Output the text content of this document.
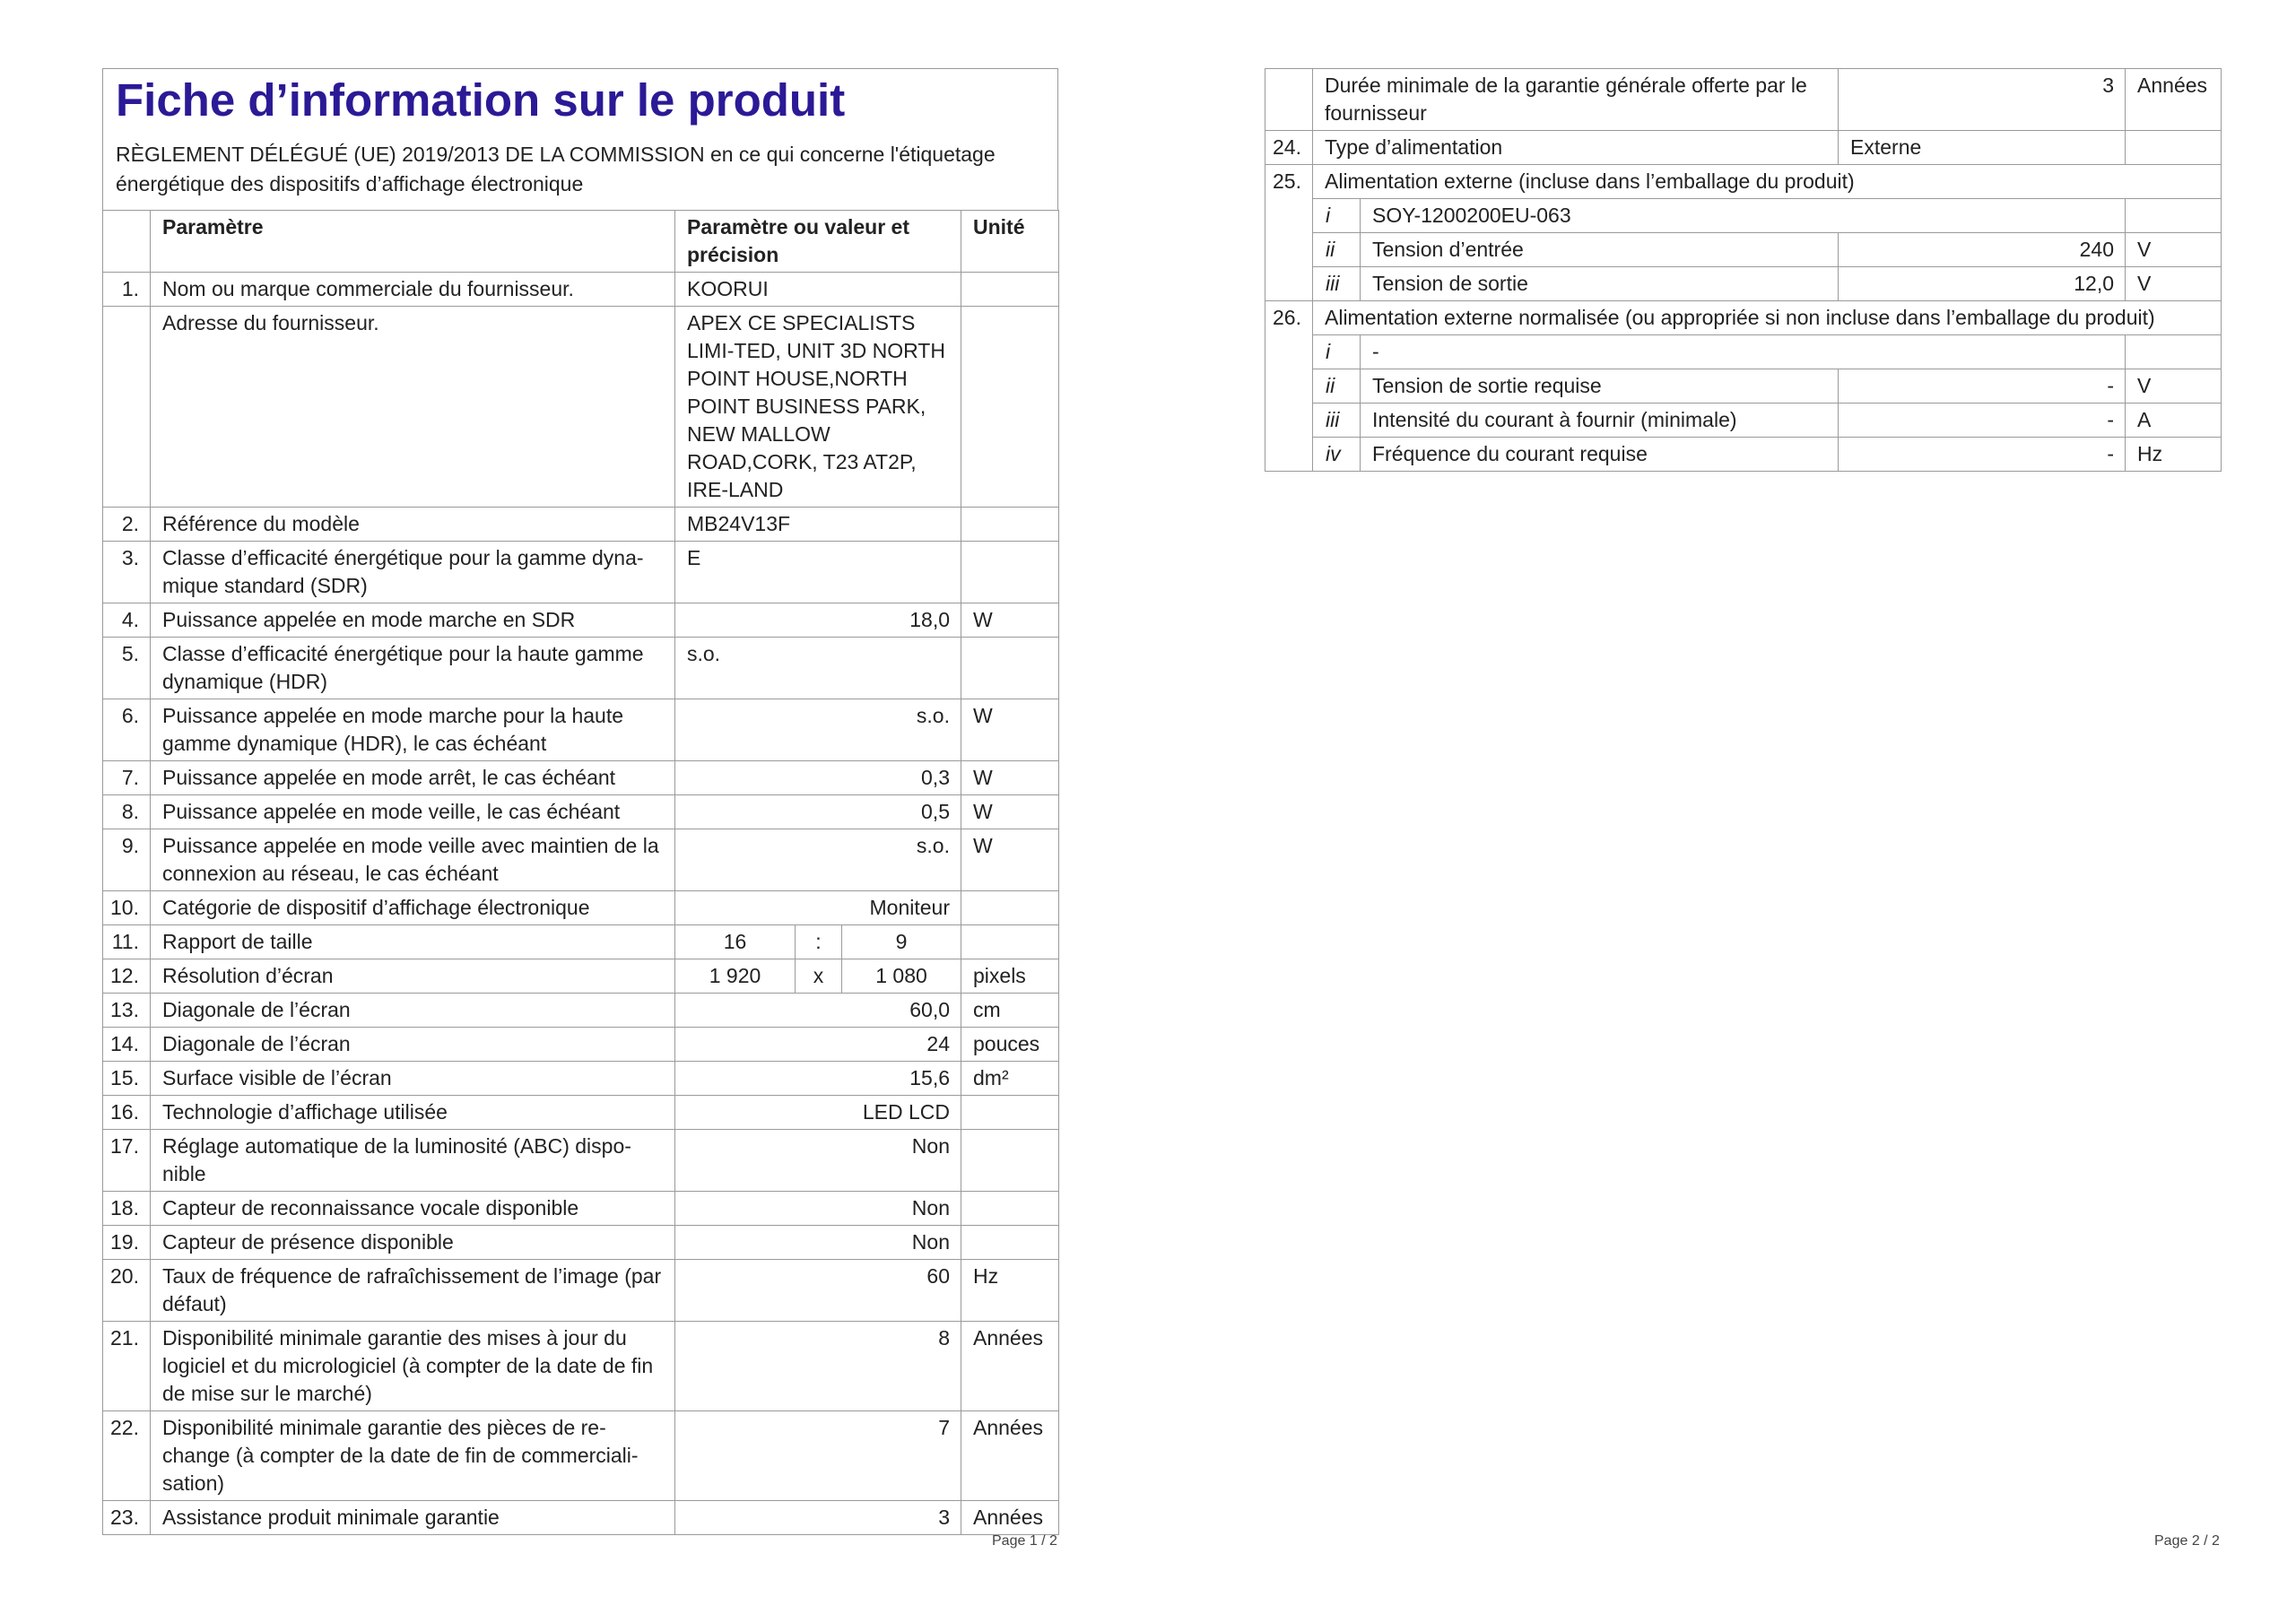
Fiche d’information sur le produit
RÈGLEMENT DÉLÉGUÉ (UE) 2019/2013 DE LA COMMISSION en ce qui concerne l'étiquetage énergétique des dispositifs d’affichage électronique
	Paramètre	Paramètre ou valeur et précision			Unité
1.	Nom ou marque commerciale du fournisseur.	KOORUI			
	Adresse du fournisseur.	APEX CE SPECIALISTS LIMI-TED, UNIT 3D NORTH POINT HOUSE,NORTH POINT BUSINESS PARK, NEW MALLOW ROAD,CORK, T23 AT2P, IRE-LAND			
2.	Référence du modèle	MB24V13F			
3.	Classe d’efficacité énergétique pour la gamme dyna-mique standard (SDR)	E			
4.	Puissance appelée en mode marche en SDR	18,0			W
5.	Classe d’efficacité énergétique pour la haute gamme dynamique (HDR)	s.o.			
6.	Puissance appelée en mode marche pour la haute gamme dynamique (HDR), le cas échéant	s.o.			W
7.	Puissance appelée en mode arrêt, le cas échéant	0,3			W
8.	Puissance appelée en mode veille, le cas échéant	0,5			W
9.	Puissance appelée en mode veille avec maintien de la connexion au réseau, le cas échéant	s.o.			W
10.	Catégorie de dispositif d’affichage électronique	Moniteur			
11.	Rapport de taille	16	:	9	
12.	Résolution d’écran	1 920	x	1 080	pixels
13.	Diagonale de l’écran	60,0			cm
14.	Diagonale de l’écran	24			pouces
15.	Surface visible de l’écran	15,6			dm²
16.	Technologie d’affichage utilisée	LED LCD			
17.	Réglage automatique de la luminosité (ABC) dispo-nible	Non			
18.	Capteur de reconnaissance vocale disponible	Non			
19.	Capteur de présence disponible	Non			
20.	Taux de fréquence de rafraîchissement de l’image (par défaut)	60			Hz
21.	Disponibilité minimale garantie des mises à jour du logiciel et du micrologiciel (à compter de la date de fin de mise sur le marché)	8			Années
22.	Disponibilité minimale garantie des pièces de re-change (à compter de la date de fin de commerciali-sation)	7			Années
23.	Assistance produit minimale garantie	3			Années
Page 1 / 2
	Durée minimale de la garantie générale offerte par le fournisseur		3	Années
24.	Type d’alimentation		Externe	
25.	Alimentation externe (incluse dans l’emballage du produit)			
	i	SOY-1200200EU-063		
	ii	Tension d’entrée	240	V
	iii	Tension de sortie	12,0	V
26.	Alimentation externe normalisée (ou appropriée si non incluse dans l’emballage du produit)			
	i	-		
	ii	Tension de sortie requise	-	V
	iii	Intensité du courant à fournir (minimale)	-	A
	iv	Fréquence du courant requise	-	Hz
Page 2 / 2
